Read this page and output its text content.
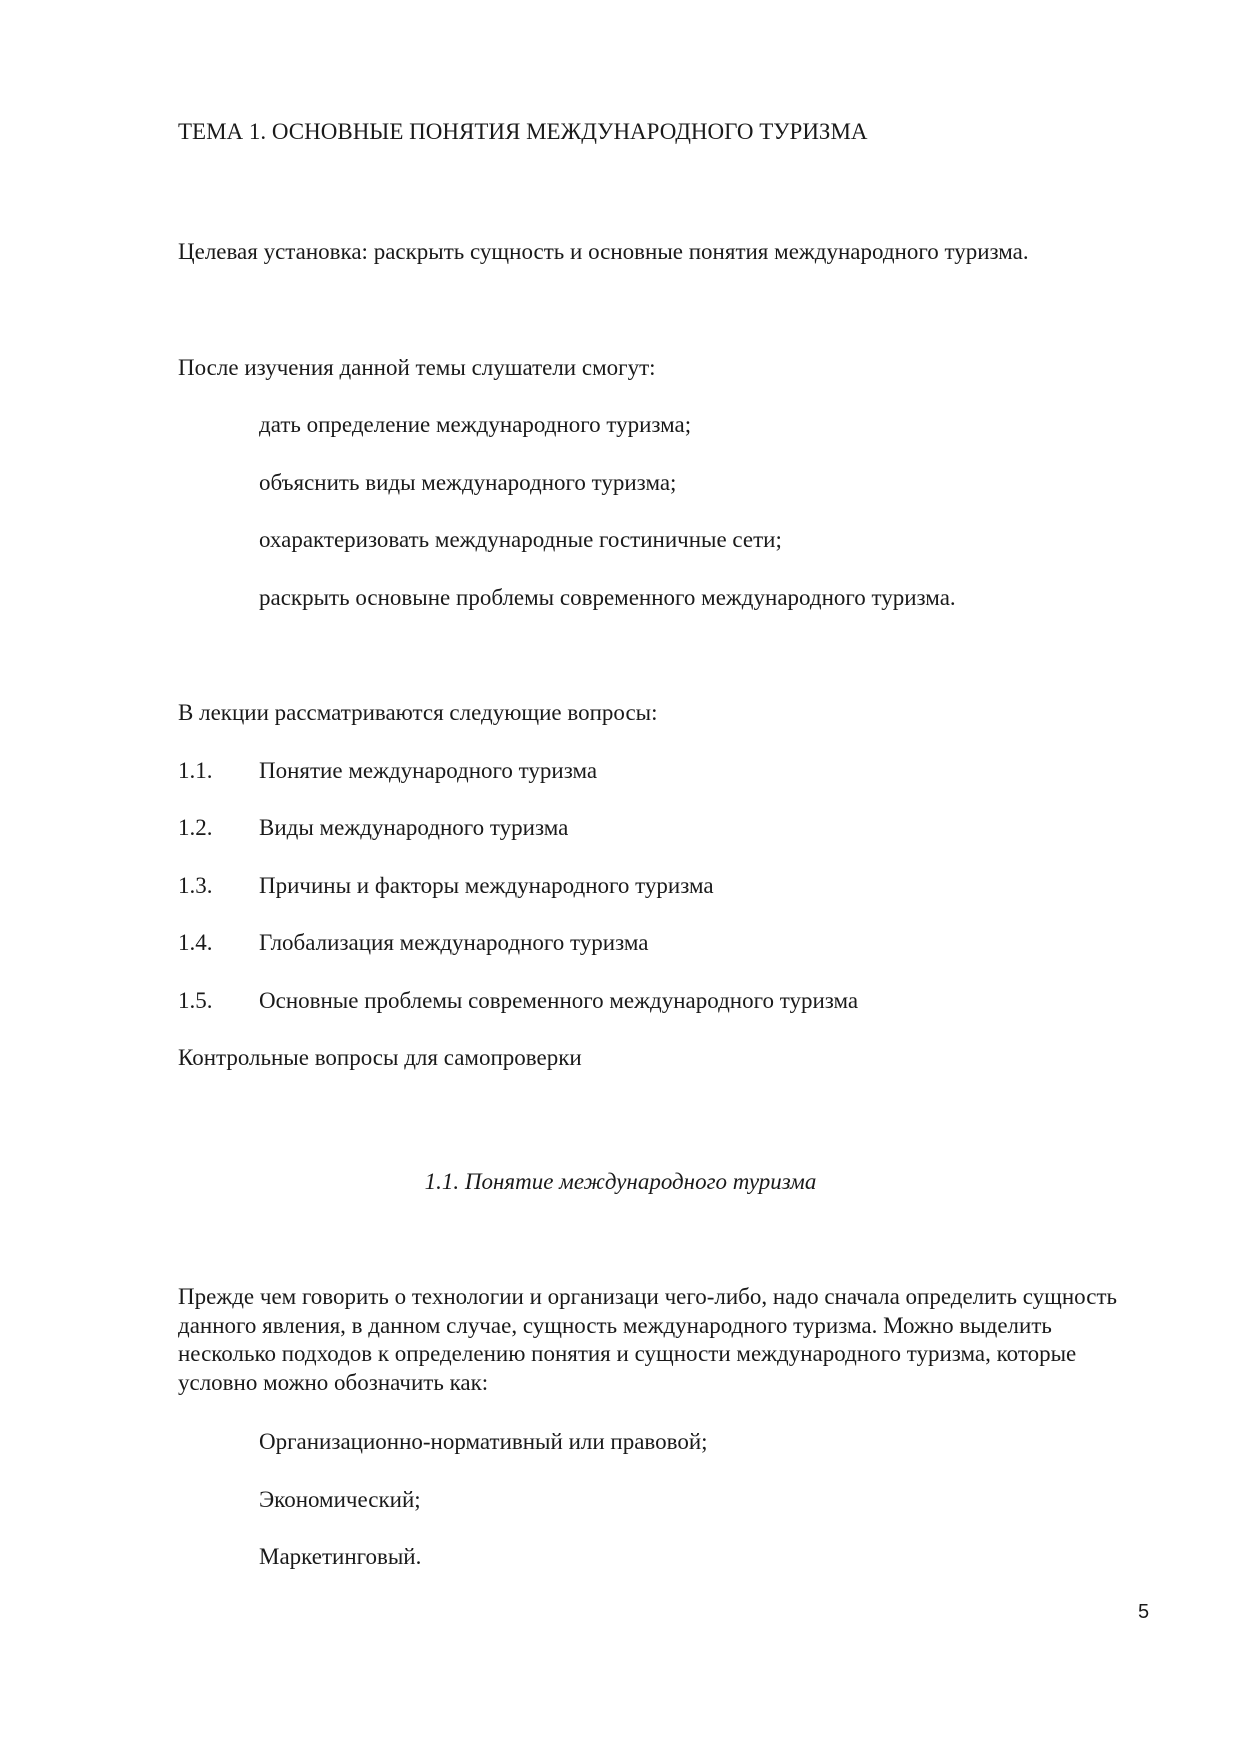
ТЕМА 1. ОСНОВНЫЕ ПОНЯТИЯ МЕЖДУНАРОДНОГО ТУРИЗМА
Целевая установка: раскрыть сущность и основные понятия международного туризма.
После изучения данной темы слушатели смогут:
дать определение международного туризма;
объяснить виды международного туризма;
охарактеризовать международные гостиничные сети;
раскрыть основыне проблемы современного международного туризма.
В лекции рассматриваются следующие вопросы:
1.1. Понятие международного туризма
1.2. Виды международного туризма
1.3. Причины и факторы международного туризма
1.4. Глобализация международного туризма
1.5. Основные проблемы современного международного туризма
Контрольные вопросы для самопроверки
1.1. Понятие международного туризма
Прежде чем говорить о технологии и организаци чего-либо, надо сначала определить сущность данного явления, в данном случае, сущность международного туризма. Можно выделить несколько подходов к определению понятия и сущности международного туризма, которые условно можно обозначить как:
Организационно-нормативный или правовой;
Экономический;
Маркетинговый.
5
